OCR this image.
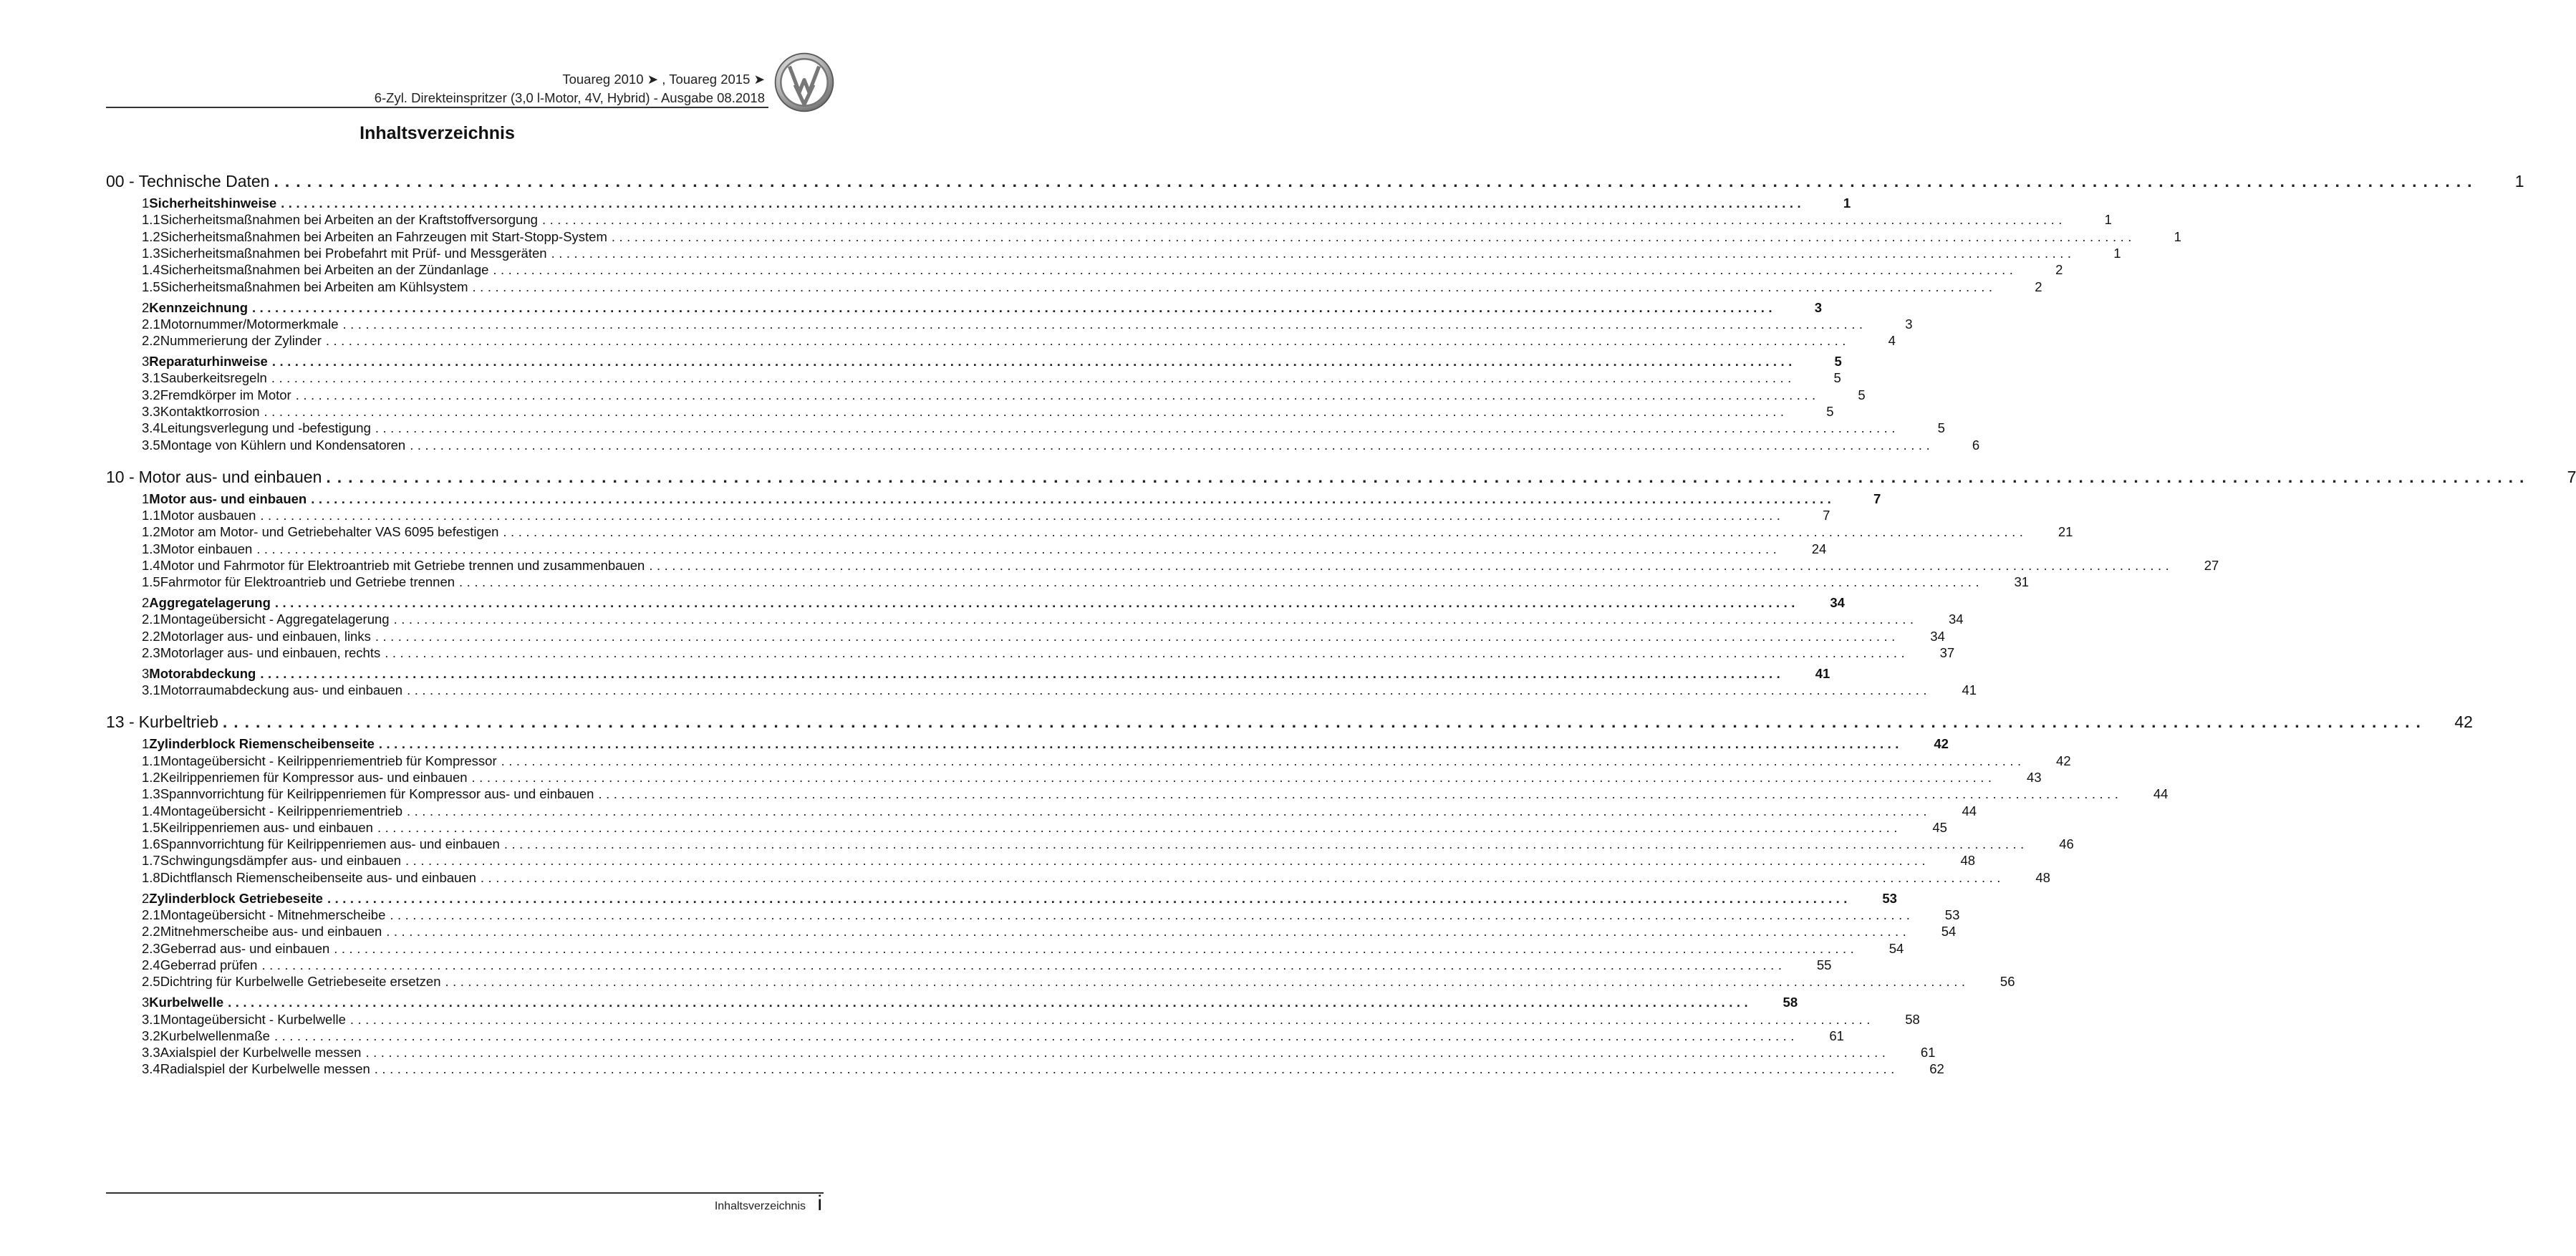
Touareg 2010 ➤ , Touareg 2015 ➤
6-Zyl. Direkteinspritzer (3,0 l-Motor, 4V, Hybrid) - Ausgabe 08.2018
Inhaltsverzeichnis
00 - Technische Daten ........................................................................................................................................................................................................	1
1 Sicherheitshinweise ........................................................................................................................................................................................................	1
1.1 Sicherheitsmaßnahmen bei Arbeiten an der Kraftstoffversorgung ........................................................................................................................................................................................................	1
1.2 Sicherheitsmaßnahmen bei Arbeiten an Fahrzeugen mit Start-Stopp-System ........................................................................................................................................................................................................	1
1.3 Sicherheitsmaßnahmen bei Probefahrt mit Prüf- und Messgeräten ........................................................................................................................................................................................................	1
1.4 Sicherheitsmaßnahmen bei Arbeiten an der Zündanlage ........................................................................................................................................................................................................	2
1.5 Sicherheitsmaßnahmen bei Arbeiten am Kühlsystem ........................................................................................................................................................................................................	2
2 Kennzeichnung ........................................................................................................................................................................................................	3
2.1 Motornummer/Motormerkmale ........................................................................................................................................................................................................	3
2.2 Nummerierung der Zylinder ........................................................................................................................................................................................................	4
3 Reparaturhinweise ........................................................................................................................................................................................................	5
3.1 Sauberkeitsregeln ........................................................................................................................................................................................................	5
3.2 Fremdkörper im Motor ........................................................................................................................................................................................................	5
3.3 Kontaktkorrosion ........................................................................................................................................................................................................	5
3.4 Leitungsverlegung und -befestigung ........................................................................................................................................................................................................	5
3.5 Montage von Kühlern und Kondensatoren ........................................................................................................................................................................................................	6
10 - Motor aus- und einbauen ........................................................................................................................................................................................................	7
1 Motor aus- und einbauen ........................................................................................................................................................................................................	7
1.1 Motor ausbauen ........................................................................................................................................................................................................	7
1.2 Motor am Motor- und Getriebehalter VAS 6095 befestigen ........................................................................................................................................................................................................	21
1.3 Motor einbauen ........................................................................................................................................................................................................	24
1.4 Motor und Fahrmotor für Elektroantrieb mit Getriebe trennen und zusammenbauen ........................................................................................................................................................................................................	27
1.5 Fahrmotor für Elektroantrieb und Getriebe trennen ........................................................................................................................................................................................................	31
2 Aggregatelagerung ........................................................................................................................................................................................................	34
2.1 Montageübersicht - Aggregatelagerung ........................................................................................................................................................................................................	34
2.2 Motorlager aus- und einbauen, links ........................................................................................................................................................................................................	34
2.3 Motorlager aus- und einbauen, rechts ........................................................................................................................................................................................................	37
3 Motorabdeckung ........................................................................................................................................................................................................	41
3.1 Motorraumabdeckung aus- und einbauen ........................................................................................................................................................................................................	41
13 - Kurbeltrieb ........................................................................................................................................................................................................ 42
1 Zylinderblock Riemenscheibenseite ........................................................................................................................................................................................................	42
1.1 Montageübersicht - Keilrippenriementrieb für Kompressor ........................................................................................................................................................................................................	42
1.2 Keilrippenriemen für Kompressor aus- und einbauen ........................................................................................................................................................................................................	43
1.3 Spannvorrichtung für Keilrippenriemen für Kompressor aus- und einbauen ........................................................................................................................................................................................................	44
1.4 Montageübersicht - Keilrippenriementrieb ........................................................................................................................................................................................................	44
1.5 Keilrippenriemen aus- und einbauen ........................................................................................................................................................................................................	45
1.6 Spannvorrichtung für Keilrippenriemen aus- und einbauen ........................................................................................................................................................................................................	46
1.7 Schwingungsdämpfer aus- und einbauen ........................................................................................................................................................................................................	48
1.8 Dichtflansch Riemenscheibenseite aus- und einbauen ........................................................................................................................................................................................................	48
2 Zylinderblock Getriebeseite ........................................................................................................................................................................................................	53
2.1 Montageübersicht - Mitnehmerscheibe ........................................................................................................................................................................................................	53
2.2 Mitnehmerscheibe aus- und einbauen ........................................................................................................................................................................................................	54
2.3 Geberrad aus- und einbauen ........................................................................................................................................................................................................	54
2.4 Geberrad prüfen ........................................................................................................................................................................................................	55
2.5 Dichtring für Kurbelwelle Getriebeseite ersetzen ........................................................................................................................................................................................................	56
3 Kurbelwelle ........................................................................................................................................................................................................	58
3.1 Montageübersicht - Kurbelwelle ........................................................................................................................................................................................................	58
3.2 Kurbelwellenmaße ........................................................................................................................................................................................................	61
3.3 Axialspiel der Kurbelwelle messen ........................................................................................................................................................................................................	61
3.4 Radialspiel der Kurbelwelle messen ........................................................................................................................................................................................................	62
Inhaltsverzeichnis i
